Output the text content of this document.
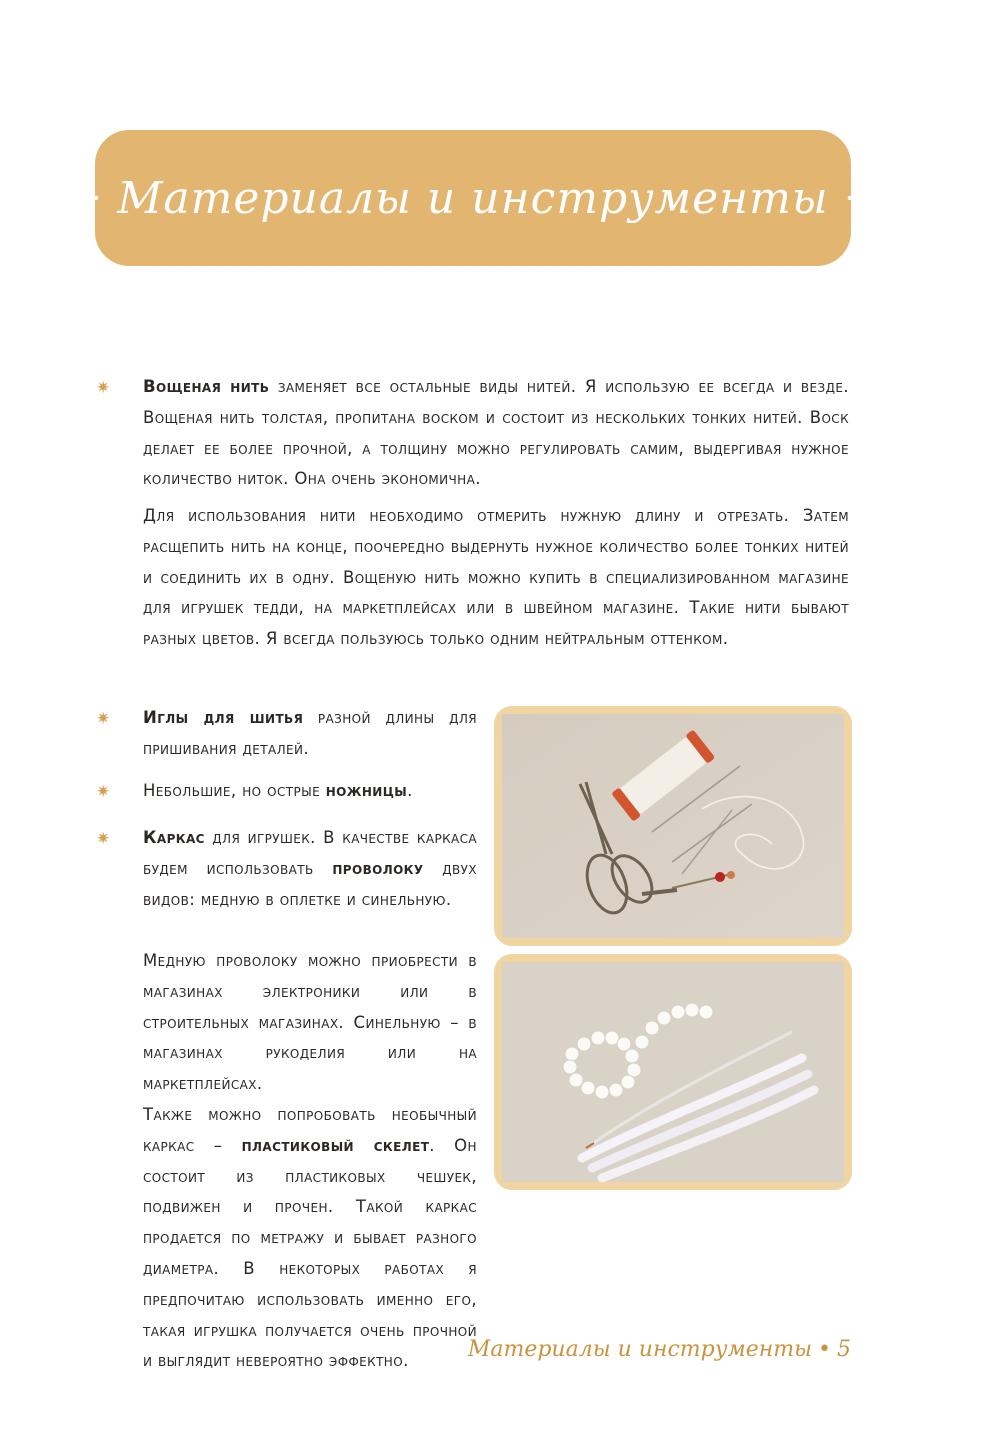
· Материалы и инструменты ·
✷ Вощеная нить заменяет все остальные виды нитей. Я использую ее всегда и везде. Вощеная нить толстая, пропитана воском и состоит из нескольких тонких нитей. Воск делает ее более прочной, а толщину можно регулировать самим, выдергивая нужное количество ниток. Она очень экономична.

Для использования нити необходимо отмерить нужную длину и отрезать. Затем расщепить нить на конце, поочередно выдернуть нужное количество более тонких нитей и соединить их в одну. Вощеную нить можно купить в специализированном магазине для игрушек тедди, на маркетплейсах или в швейном магазине. Такие нити бывают разных цветов. Я всегда пользуюсь только одним нейтральным оттенком.

✷ Иглы для шитья разной длины для пришивания деталей.

✷ Небольшие, но острые ножницы.

✷ Каркас для игрушек. В качестве каркаса будем использовать проволоку двух видов: медную в оплетке и синельную.

Медную проволоку можно приобрести в магазинах электроники или в строительных магазинах. Синельную – в магазинах рукоделия или на маркетплейсах.

Также можно попробовать необычный каркас – пластиковый скелет. Он состоит из пластиковых чешуек, подвижен и прочен. Такой каркас продается по метражу и бывает разного диаметра. В некоторых работах я предпочитаю использовать именно его, такая игрушка получается очень прочной и выглядит невероятно эффектно.	Материалы и инструменты • 5
